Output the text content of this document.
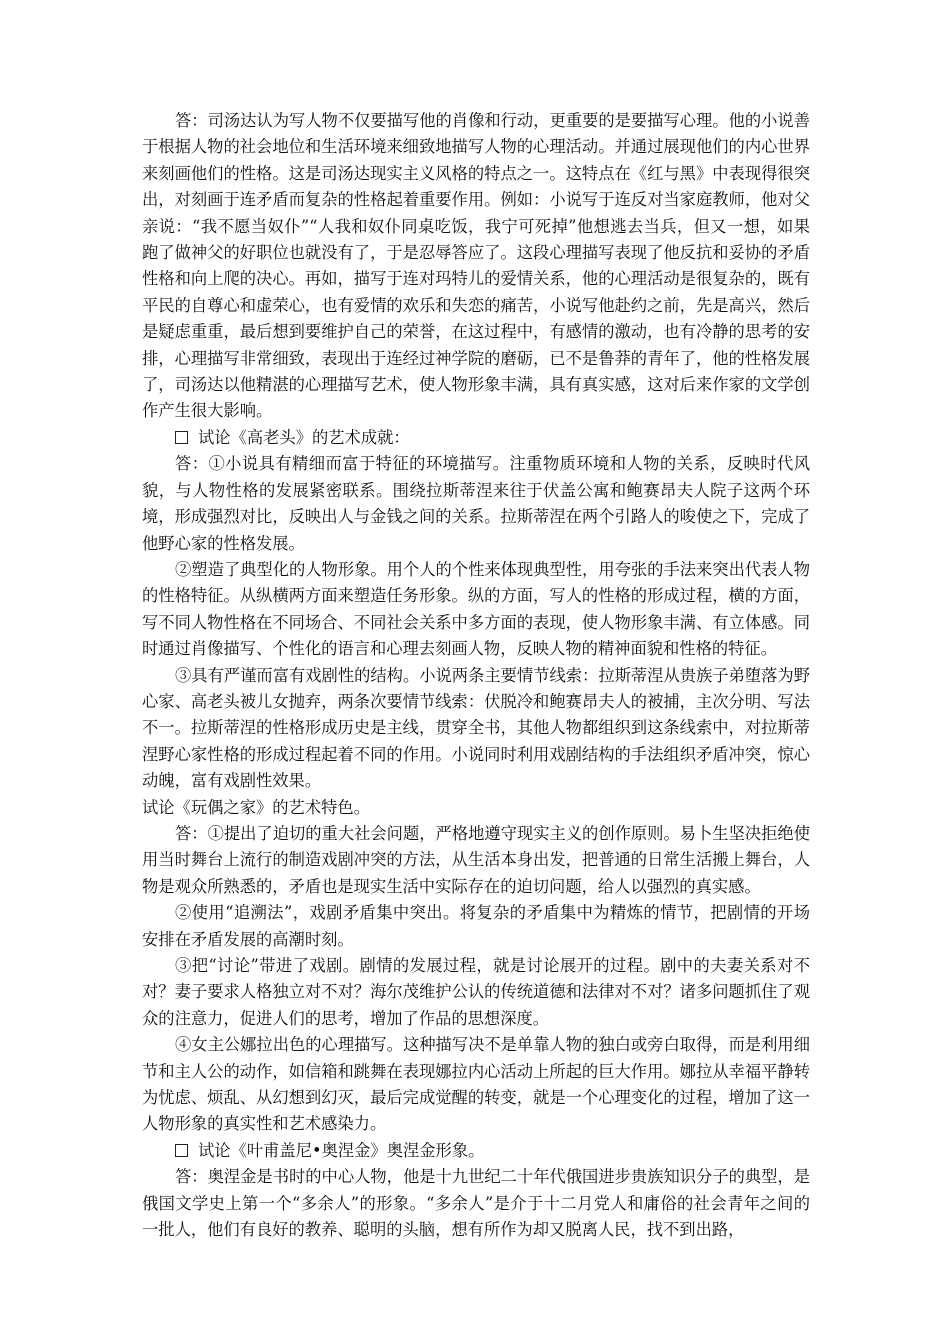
答：司汤达认为写人物不仅要描写他的肖像和行动，更重要的是要描写心理。他的小说善于根据人物的社会地位和生活环境来细致地描写人物的心理活动。并通过展现他们的内心世界来刻画他们的性格。这是司汤达现实主义风格的特点之一。这特点在《红与黑》中表现得很突出，对刻画于连矛盾而复杂的性格起着重要作用。例如：小说写于连反对当家庭教师，他对父亲说：“我不愿当奴仆”“人我和奴仆同桌吃饭，我宁可死掉”他想逃去当兵，但又一想，如果跑了做神父的好职位也就没有了，于是忍辱答应了。这段心理描写表现了他反抗和妥协的矛盾性格和向上爬的决心。再如，描写于连对玛特儿的爱情关系，他的心理活动是很复杂的，既有平民的自尊心和虚荣心，也有爱情的欢乐和失恋的痛苦，小说写他赴约之前，先是高兴，然后是疑虑重重，最后想到要维护自己的荣誉，在这过程中，有感情的激动，也有冷静的思考的安排，心理描写非常细致，表现出于连经过神学院的磨砺，已不是鲁莽的青年了，他的性格发展了，司汤达以他精湛的心理描写艺术，使人物形象丰满，具有真实感，这对后来作家的文学创作产生很大影响。

试论《高老头》的艺术成就：

答：①小说具有精细而富于特征的环境描写。注重物质环境和人物的关系，反映时代风貌，与人物性格的发展紧密联系。围绕拉斯蒂涅来往于伏盖公寓和鲍赛昂夫人院子这两个环境，形成强烈对比，反映出人与金钱之间的关系。拉斯蒂涅在两个引路人的唆使之下，完成了他野心家的性格发展。

②塑造了典型化的人物形象。用个人的个性来体现典型性，用夸张的手法来突出代表人物的性格特征。从纵横两方面来塑造任务形象。纵的方面，写人的性格的形成过程，横的方面，写不同人物性格在不同场合、不同社会关系中多方面的表现，使人物形象丰满、有立体感。同时通过肖像描写、个性化的语言和心理去刻画人物，反映人物的精神面貌和性格的特征。

③具有严谨而富有戏剧性的结构。小说两条主要情节线索：拉斯蒂涅从贵族子弟堕落为野心家、高老头被儿女抛弃，两条次要情节线索：伏脱冷和鲍赛昂夫人的被捕，主次分明、写法不一。拉斯蒂涅的性格形成历史是主线，贯穿全书，其他人物都组织到这条线索中，对拉斯蒂涅野心家性格的形成过程起着不同的作用。小说同时利用戏剧结构的手法组织矛盾冲突，惊心动魄，富有戏剧性效果。

试论《玩偶之家》的艺术特色。

答：①提出了迫切的重大社会问题，严格地遵守现实主义的创作原则。易卜生坚决拒绝使用当时舞台上流行的制造戏剧冲突的方法，从生活本身出发，把普通的日常生活搬上舞台，人物是观众所熟悉的，矛盾也是现实生活中实际存在的迫切问题，给人以强烈的真实感。

②使用“追溯法”，戏剧矛盾集中突出。将复杂的矛盾集中为精炼的情节，把剧情的开场安排在矛盾发展的高潮时刻。

③把“讨论”带进了戏剧。剧情的发展过程，就是讨论展开的过程。剧中的夫妻关系对不对？妻子要求人格独立对不对？海尔茂维护公认的传统道德和法律对不对？诸多问题抓住了观众的注意力，促进人们的思考，增加了作品的思想深度。

④女主公娜拉出色的心理描写。这种描写决不是单靠人物的独白或旁白取得，而是利用细节和主人公的动作，如信箱和跳舞在表现娜拉内心活动上所起的巨大作用。娜拉从幸福平静转为忧虑、烦乱、从幻想到幻灭，最后完成觉醒的转变，就是一个心理变化的过程，增加了这一人物形象的真实性和艺术感染力。

试论《叶甫盖尼•奥涅金》奥涅金形象。

答：奥涅金是书时的中心人物，他是十九世纪二十年代俄国进步贵族知识分子的典型，是俄国文学史上第一个“多余人”的形象。“多余人”是介于十二月党人和庸俗的社会青年之间的一批人，他们有良好的教养、聪明的头脑，想有所作为却又脱离人民，找不到出路，
